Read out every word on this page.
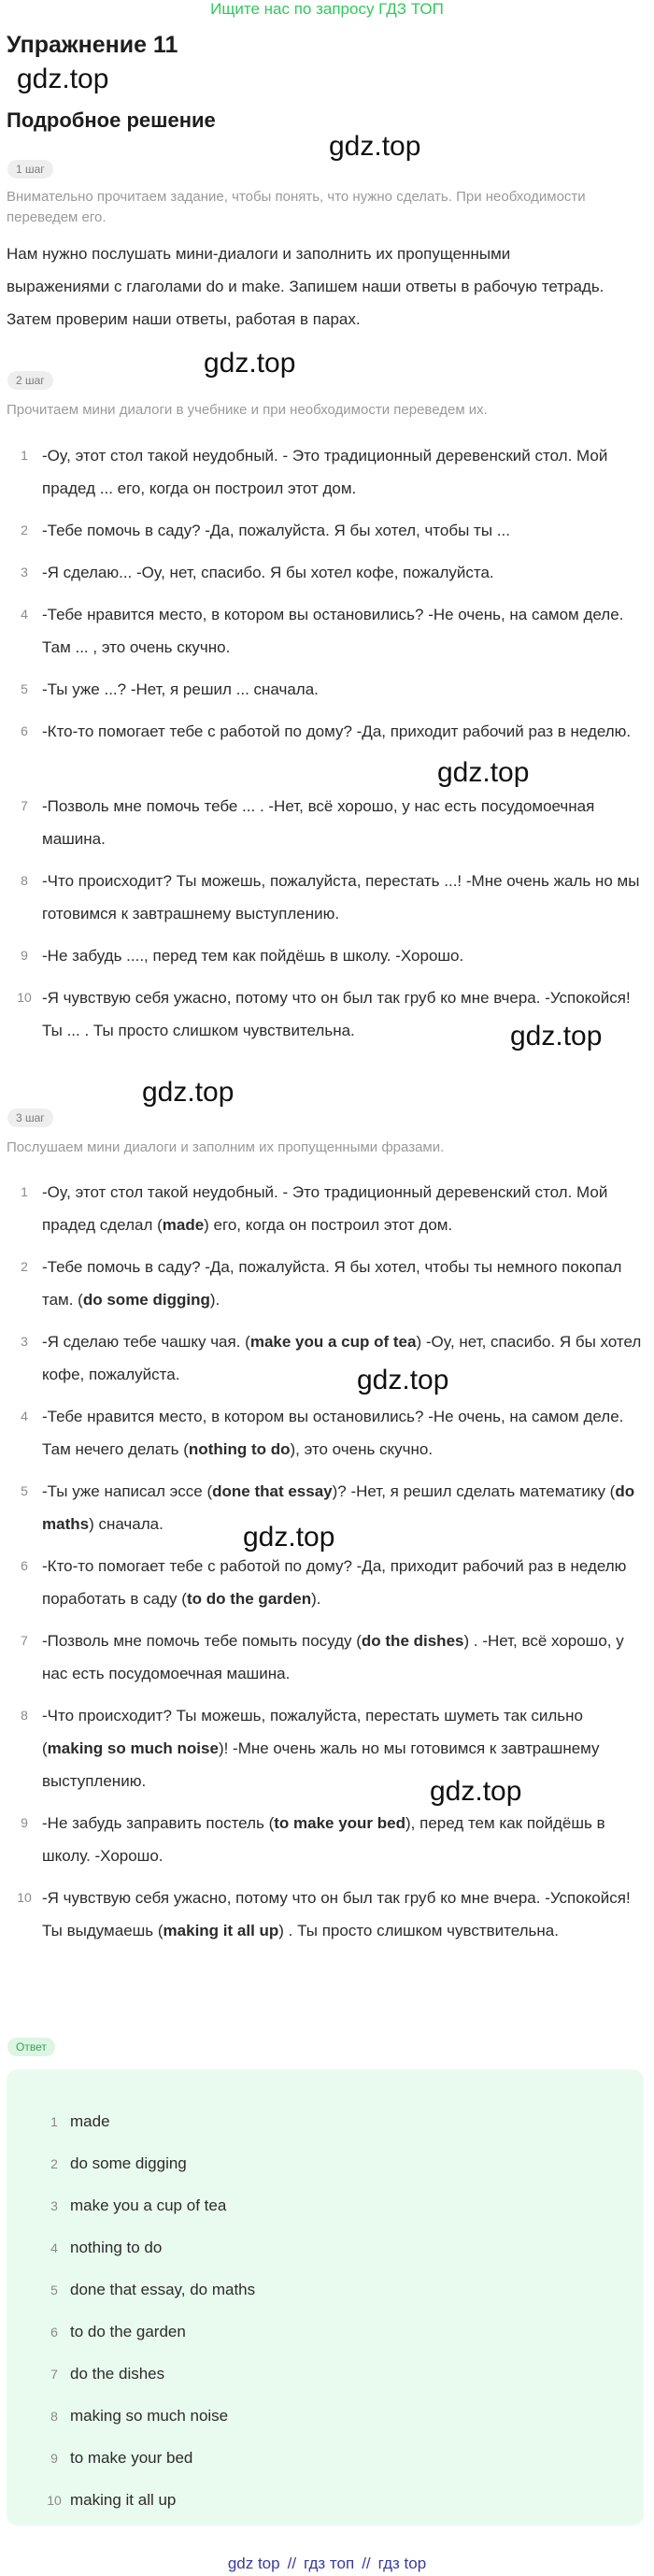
Ищите нас по запросу ГДЗ ТОП
Упражнение 11
gdz.top
gdz.top
gdz.top
gdz.top
gdz.top
gdz.top
gdz.top
gdz.top
gdz.top
Подробное решение
1 шаг
Внимательно прочитаем задание, чтобы понять, что нужно сделать. При необходимости переведем его.
Нам нужно послушать мини-диалоги и заполнить их пропущенными выражениями с глаголами do и make. Запишем наши ответы в рабочую тетрадь. Затем проверим наши ответы, работая в парах.
2 шаг
Прочитаем мини диалоги в учебнике и при необходимости переведем их.
1 -Oy, этот стол такой неудобный. - Это традиционный деревенский стол. Мой прадед ... его, когда он построил этот дом.
2 -Тебе помочь в саду? -Да, пожалуйста. Я бы хотел, чтобы ты ...
3 -Я сделаю... -Oy, нет, спасибо. Я бы хотел кофе, пожалуйста.
4 -Тебе нравится место, в котором вы остановились? -Не очень, на самом деле. Там ... , это очень скучно.
5 -Ты уже ...? -Нет, я решил ... сначала.
6 -Кто-то помогает тебе с работой по дому? -Да, приходит рабочий раз в неделю.
7 -Позволь мне помочь тебе ... . -Нет, всё хорошо, у нас есть посудомоечная машина.
8 -Что происходит? Ты можешь, пожалуйста, перестать ...! -Мне очень жаль но мы готовимся к завтрашнему выступлению.
9 -Не забудь ...., перед тем как пойдёшь в школу. -Хорошо.
10 -Я чувствую себя ужасно, потому что он был так груб ко мне вчера. -Успокойся! Ты ... . Ты просто слишком чувствительна.
3 шаг
Послушаем мини диалоги и заполним их пропущенными фразами.
1 -Oy, этот стол такой неудобный. - Это традиционный деревенский стол. Мой прадед сделал (made) его, когда он построил этот дом.
2 -Тебе помочь в саду? -Да, пожалуйста. Я бы хотел, чтобы ты немного покопал там. (do some digging).
3 -Я сделаю тебе чашку чая. (make you a cup of tea) -Oy, нет, спасибо. Я бы хотел кофе, пожалуйста.
4 -Тебе нравится место, в котором вы остановились? -Не очень, на самом деле. Там нечего делать (nothing to do), это очень скучно.
5 -Ты уже написал эссе (done that essay)? -Нет, я решил сделать математику (do maths) сначала.
6 -Кто-то помогает тебе с работой по дому? -Да, приходит рабочий раз в неделю поработать в саду (to do the garden).
7 -Позволь мне помочь тебе помыть посуду (do the dishes) . -Нет, всё хорошо, у нас есть посудомоечная машина.
8 -Что происходит? Ты можешь, пожалуйста, перестать шуметь так сильно (making so much noise)! -Мне очень жаль но мы готовимся к завтрашнему выступлению.
9 -Не забудь заправить постель (to make your bed), перед тем как пойдёшь в школу. -Хорошо.
10 -Я чувствую себя ужасно, потому что он был так груб ко мне вчера. -Успокойся! Ты выдумаешь (making it all up) . Ты просто слишком чувствительна.
Ответ
1 made
2 do some digging
3 make you a cup of tea
4 nothing to do
5 done that essay, do maths
6 to do the garden
7 do the dishes
8 making so much noise
9 to make your bed
10 making it all up
gdz top // гдз топ // гдз top
